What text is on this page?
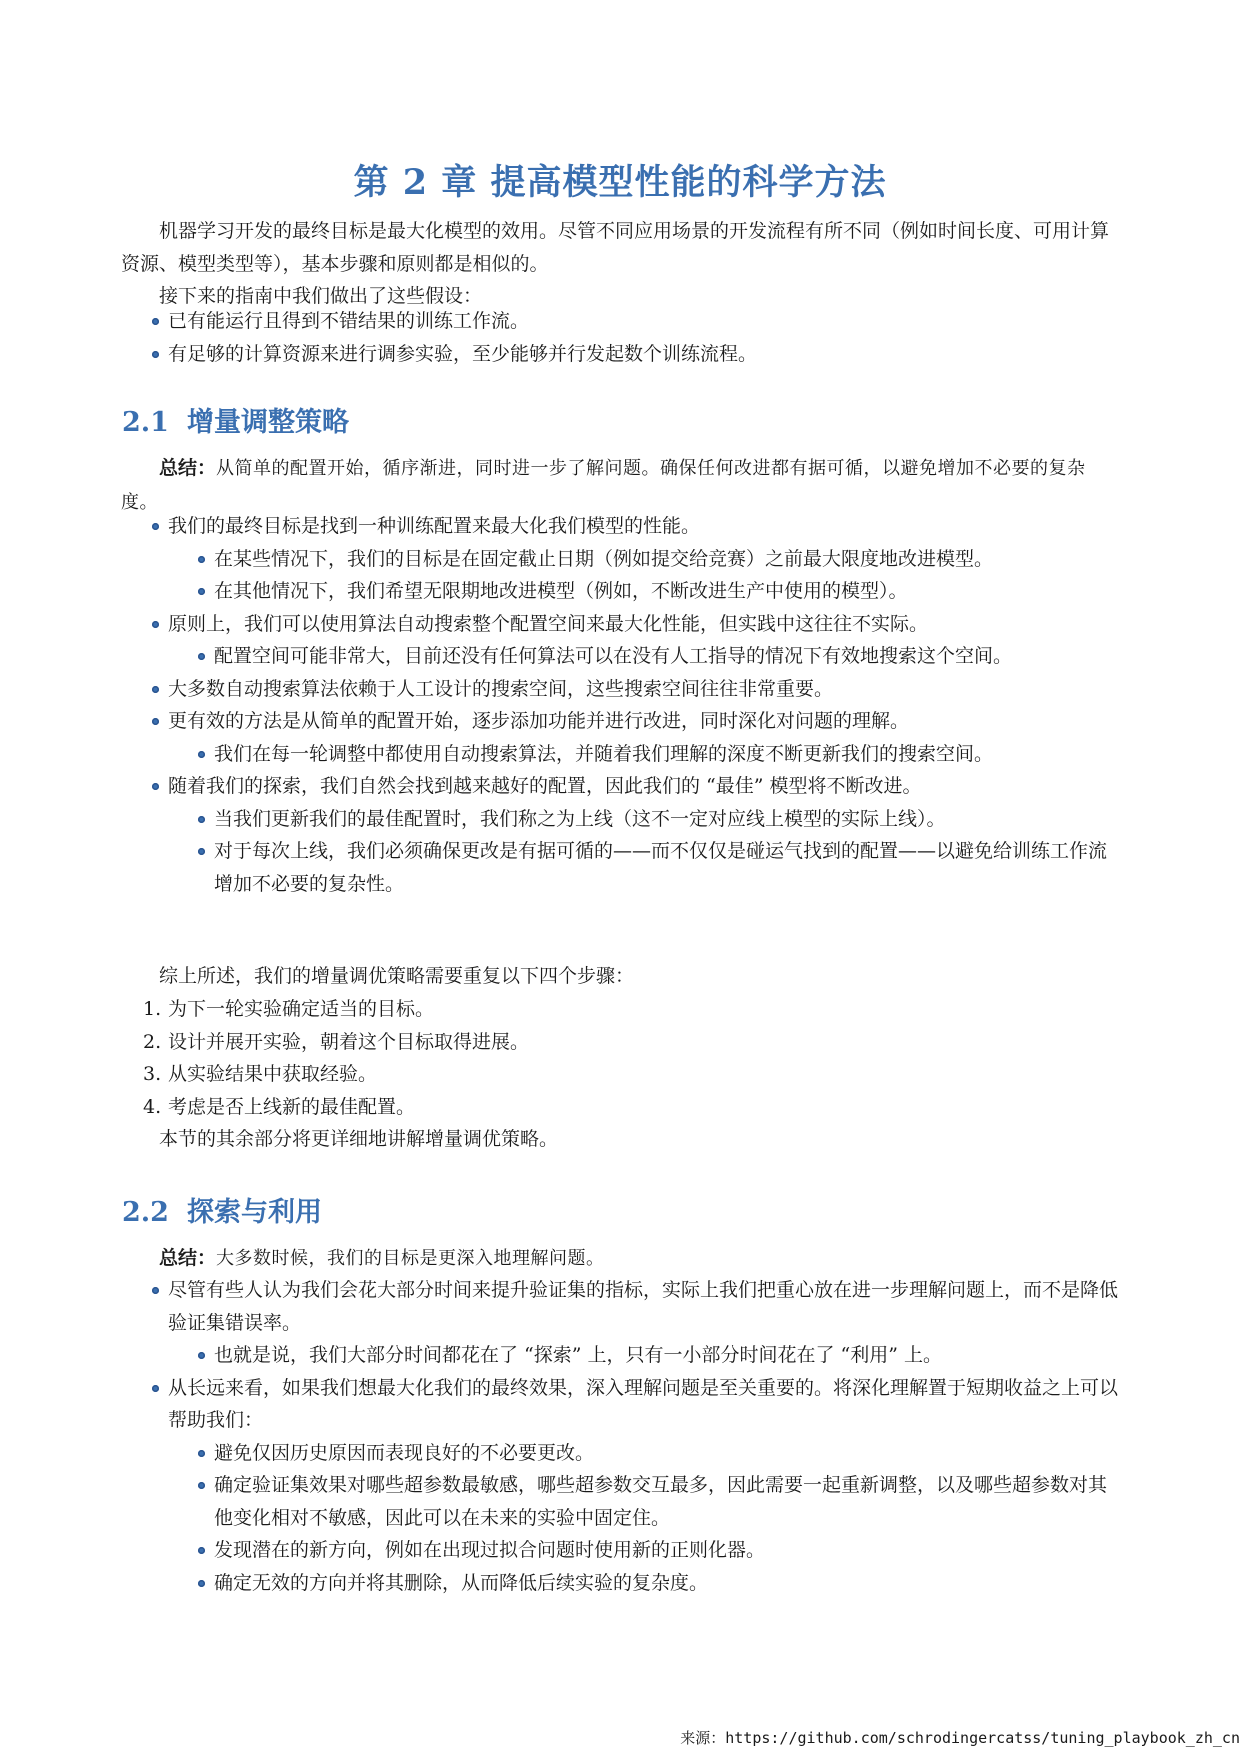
第 2 章 提高模型性能的科学方法

机器学习开发的最终目标是最大化模型的效用。尽管不同应用场景的开发流程有所不同（例如时间长度、可用计算资源、模型类型等），基本步骤和原则都是相似的。

接下来的指南中我们做出了这些假设：

已有能运行且得到不错结果的训练工作流。
有足够的计算资源来进行调参实验，至少能够并行发起数个训练流程。
2.1 增量调整策略

总结：从简单的配置开始，循序渐进，同时进一步了解问题。确保任何改进都有据可循，以避免增加不必要的复杂度。

我们的最终目标是找到一种训练配置来最大化我们模型的性能。
在某些情况下，我们的目标是在固定截止日期（例如提交给竞赛）之前最大限度地改进模型。
在其他情况下，我们希望无限期地改进模型（例如，不断改进生产中使用的模型）。
原则上，我们可以使用算法自动搜索整个配置空间来最大化性能，但实践中这往往不实际。
配置空间可能非常大，目前还没有任何算法可以在没有人工指导的情况下有效地搜索这个空间。
大多数自动搜索算法依赖于人工设计的搜索空间，这些搜索空间往往非常重要。
更有效的方法是从简单的配置开始，逐步添加功能并进行改进，同时深化对问题的理解。
我们在每一轮调整中都使用自动搜索算法，并随着我们理解的深度不断更新我们的搜索空间。
随着我们的探索，我们自然会找到越来越好的配置，因此我们的 “最佳” 模型将不断改进。
当我们更新我们的最佳配置时，我们称之为上线（这不一定对应线上模型的实际上线）。
对于每次上线，我们必须确保更改是有据可循的——而不仅仅是碰运气找到的配置——以避免给训练工作流增加不必要的复杂性。

综上所述，我们的增量调优策略需要重复以下四个步骤：

1. 为下一轮实验确定适当的目标。
2. 设计并展开实验，朝着这个目标取得进展。
3. 从实验结果中获取经验。
4. 考虑是否上线新的最佳配置。

本节的其余部分将更详细地讲解增量调优策略。

2.2 探索与利用

总结：大多数时候，我们的目标是更深入地理解问题。

尽管有些人认为我们会花大部分时间来提升验证集的指标，实际上我们把重心放在进一步理解问题上，而不是降低验证集错误率。
也就是说，我们大部分时间都花在了 “探索” 上，只有一小部分时间花在了 “利用” 上。
从长远来看，如果我们想最大化我们的最终效果，深入理解问题是至关重要的。将深化理解置于短期收益之上可以帮助我们：
避免仅因历史原因而表现良好的不必要更改。
确定验证集效果对哪些超参数最敏感，哪些超参数交互最多，因此需要一起重新调整，以及哪些超参数对其他变化相对不敏感，因此可以在未来的实验中固定住。
发现潜在的新方向，例如在出现过拟合问题时使用新的正则化器。
确定无效的方向并将其删除，从而降低后续实验的复杂度。
来源：https://github.com/schrodingercatss/tuning_playbook_zh_cn
